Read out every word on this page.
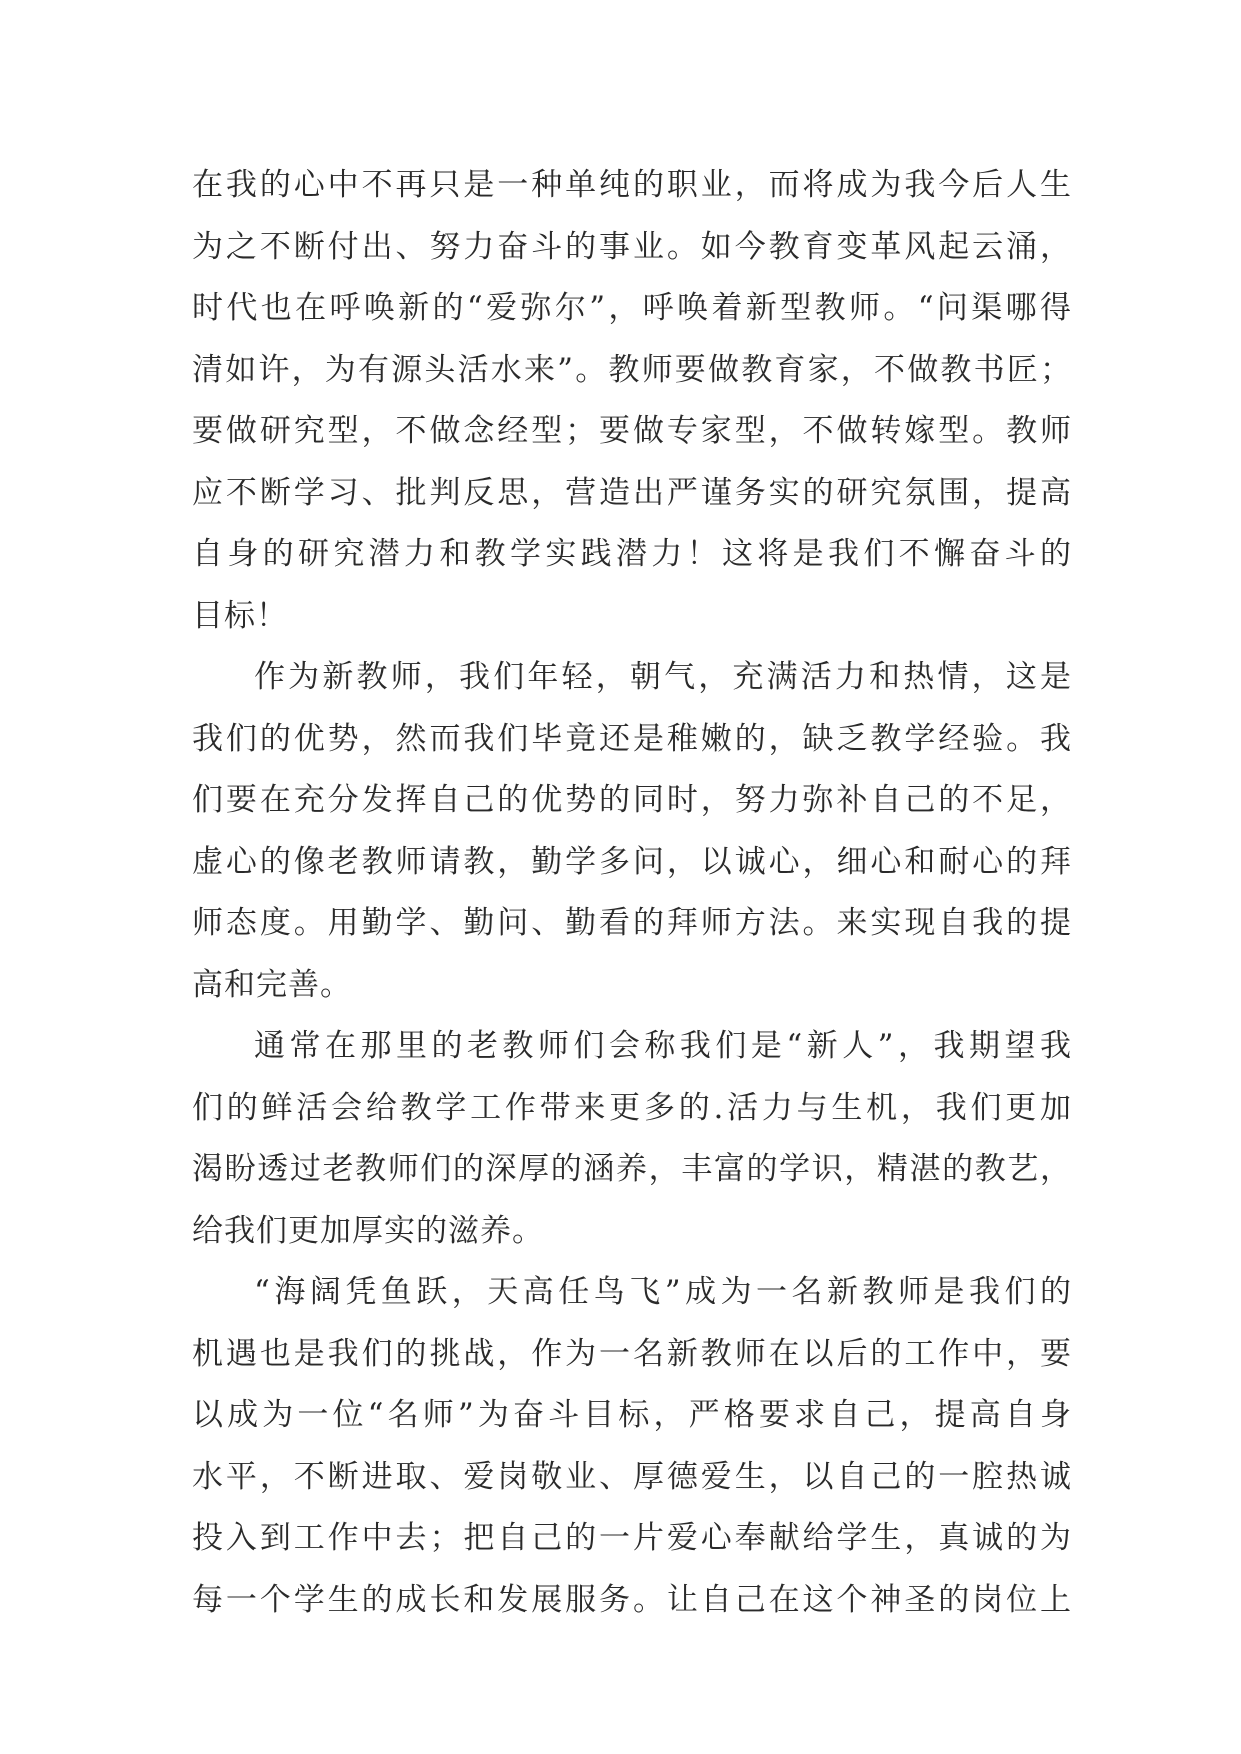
在我的心中不再只是一种单纯的职业，而将成为我今后人生
为之不断付出、努力奋斗的事业。如今教育变革风起云涌，
时代也在呼唤新的“爱弥尔”，呼唤着新型教师。“问渠哪得
清如许，为有源头活水来”。教师要做教育家，不做教书匠；
要做研究型，不做念经型；要做专家型，不做转嫁型。教师
应不断学习、批判反思，营造出严谨务实的研究氛围，提高
自身的研究潜力和教学实践潜力！这将是我们不懈奋斗的
目标！
作为新教师，我们年轻，朝气，充满活力和热情，这是
我们的优势，然而我们毕竟还是稚嫩的，缺乏教学经验。我
们要在充分发挥自己的优势的同时，努力弥补自己的不足，
虚心的像老教师请教，勤学多问，以诚心，细心和耐心的拜
师态度。用勤学、勤问、勤看的拜师方法。来实现自我的提
高和完善。
通常在那里的老教师们会称我们是“新人”，我期望我
们的鲜活会给教学工作带来更多的.活力与生机，我们更加
渴盼透过老教师们的深厚的涵养，丰富的学识，精湛的教艺，
给我们更加厚实的滋养。
“海阔凭鱼跃，天高任鸟飞”成为一名新教师是我们的
机遇也是我们的挑战，作为一名新教师在以后的工作中，要
以成为一位“名师”为奋斗目标，严格要求自己，提高自身
水平，不断进取、爱岗敬业、厚德爱生，以自己的一腔热诚
投入到工作中去；把自己的一片爱心奉献给学生，真诚的为
每一个学生的成长和发展服务。让自己在这个神圣的岗位上
